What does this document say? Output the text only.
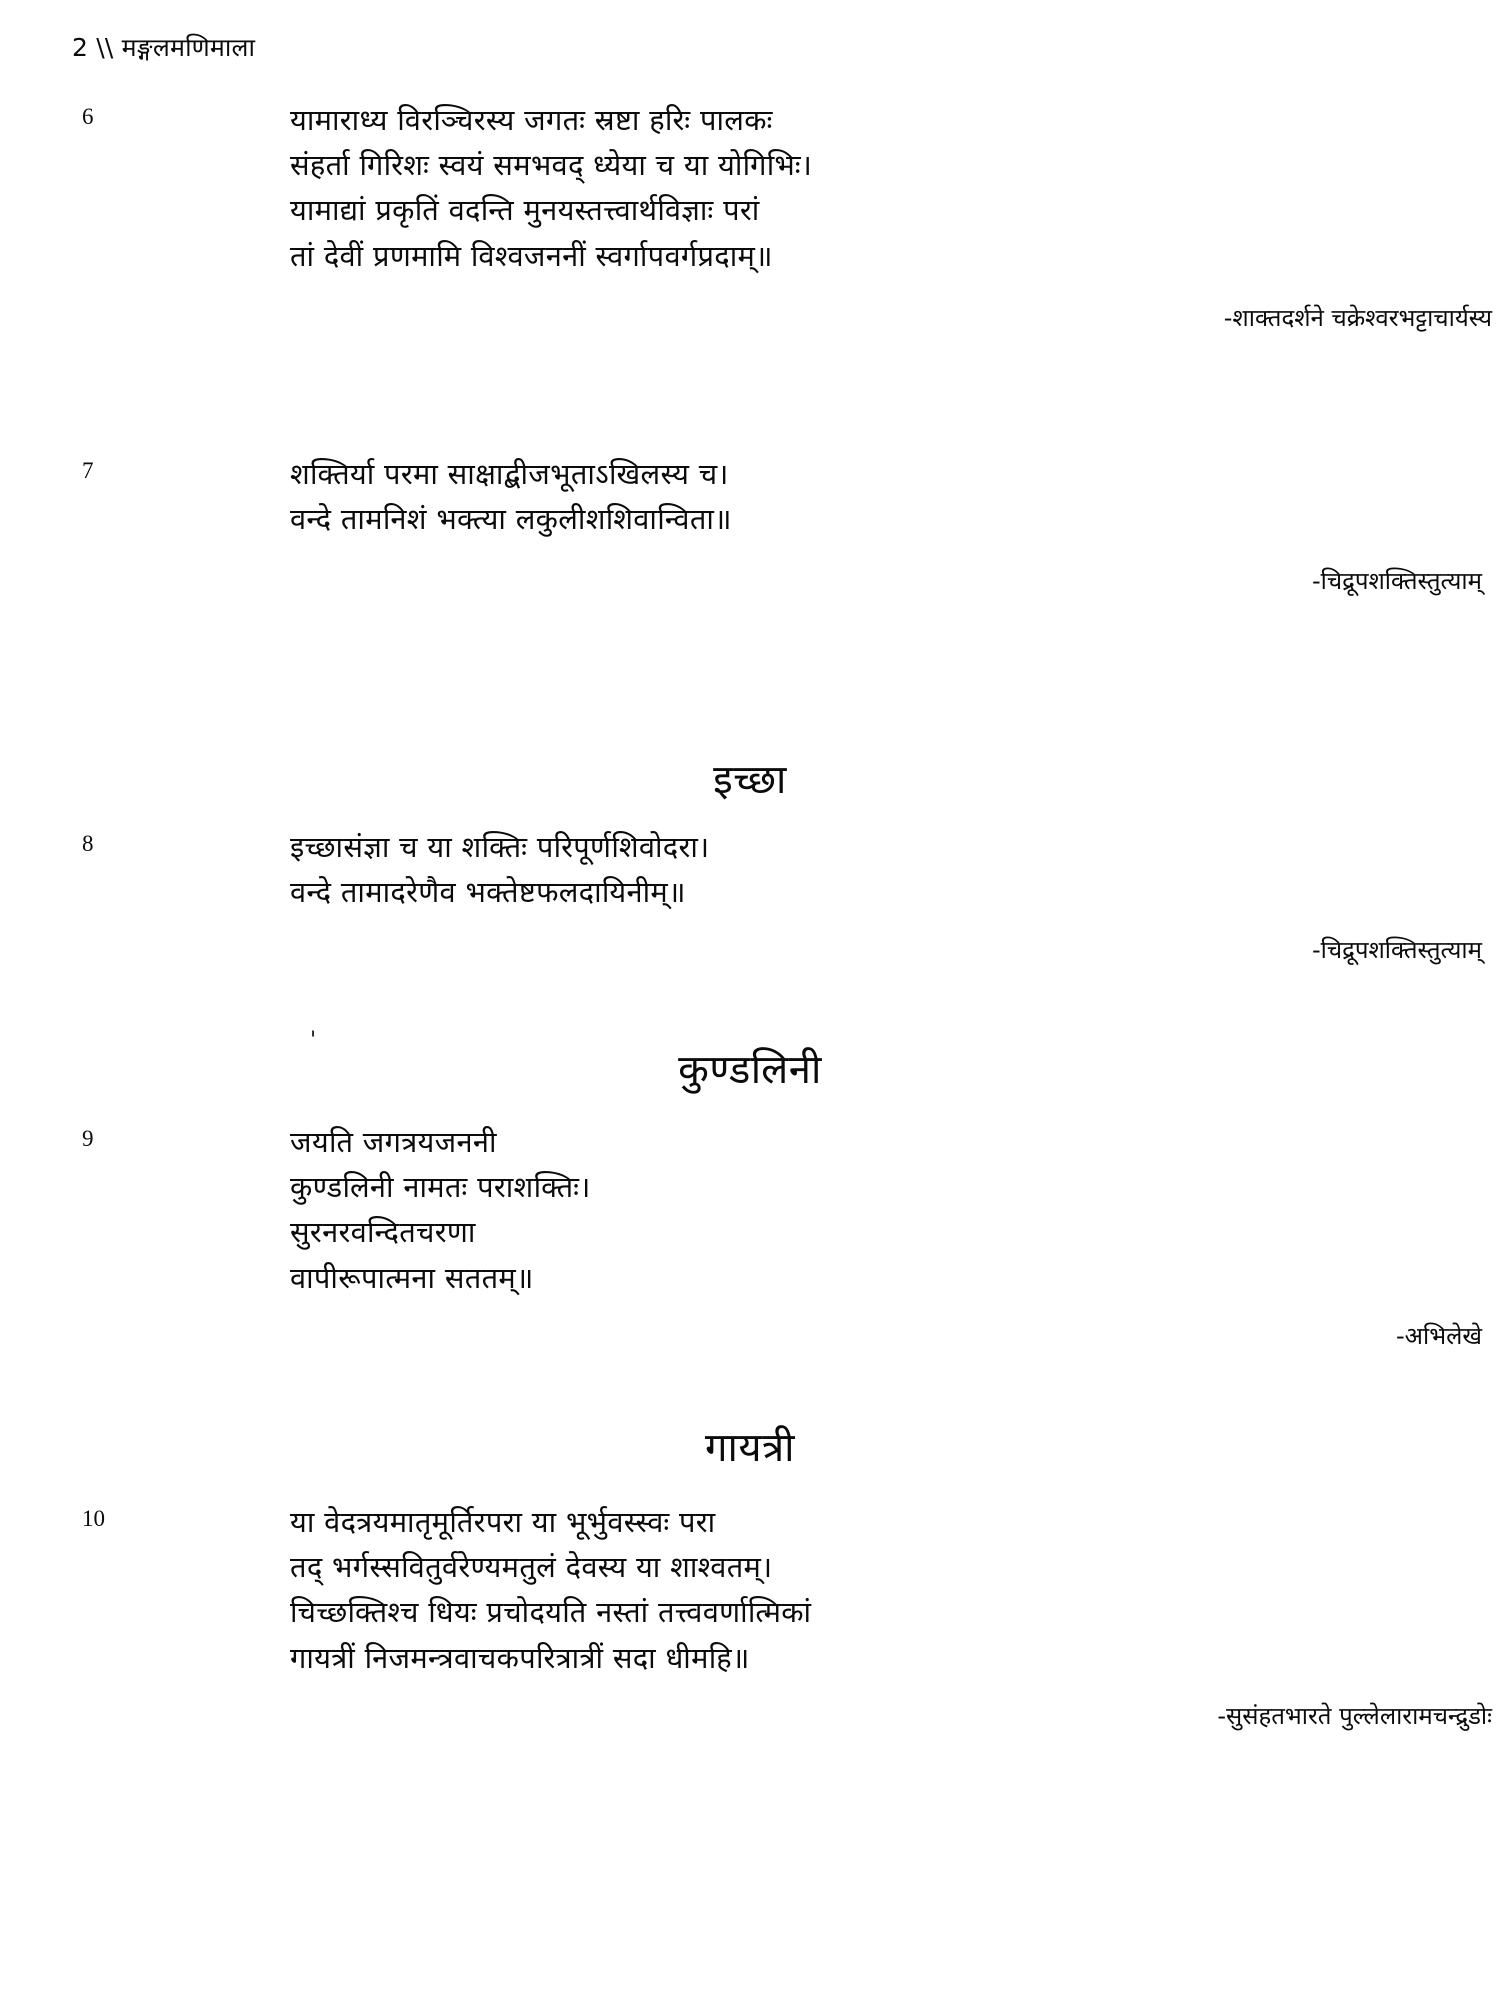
2 \\ मङ्गलमणिमाला
6	यामाराध्य विरञ्चिरस्य जगतः स्रष्टा हरिः पालकः
संहर्ता गिरिशः स्वयं समभवद् ध्येया च या योगिभिः।
यामाद्यां प्रकृतिं वदन्ति मुनयस्तत्त्वार्थविज्ञाः परां
तां देवीं प्रणमामि विश्वजननीं स्वर्गापवर्गप्रदाम्॥
-शाक्तदर्शने चक्रेश्वरभट्टाचार्यस्य
7	शक्तिर्या परमा साक्षाद्बीजभूताऽखिलस्य च।
वन्दे तामनिशं भक्त्या लकुलीशशिवान्विता॥
-चिद्रूपशक्तिस्तुत्याम्
इच्छा
8	इच्छासंज्ञा च या शक्तिः परिपूर्णशिवोदरा।
वन्दे तामादरेणैव भक्तेष्टफलदायिनीम्॥
-चिद्रूपशक्तिस्तुत्याम्
'
कुण्डलिनी
9	जयति जगत्रयजननी
कुण्डलिनी नामतः पराशक्तिः।
सुरनरवन्दितचरणा
वापीरूपात्मना सततम्॥
-अभिलेखे
गायत्री
10	या वेदत्रयमातृमूर्तिरपरा या भूर्भुवस्स्वः परा
तद् भर्गस्सवितुर्वरेण्यमतुलं देवस्य या शाश्वतम्।
चिच्छक्तिश्च धियः प्रचोदयति नस्तां तत्त्ववर्णात्मिकां
गायत्रीं निजमन्त्रवाचकपरित्रात्रीं सदा धीमहि॥
-सुसंहतभारते पुल्लेलारामचन्द्रुडोः
